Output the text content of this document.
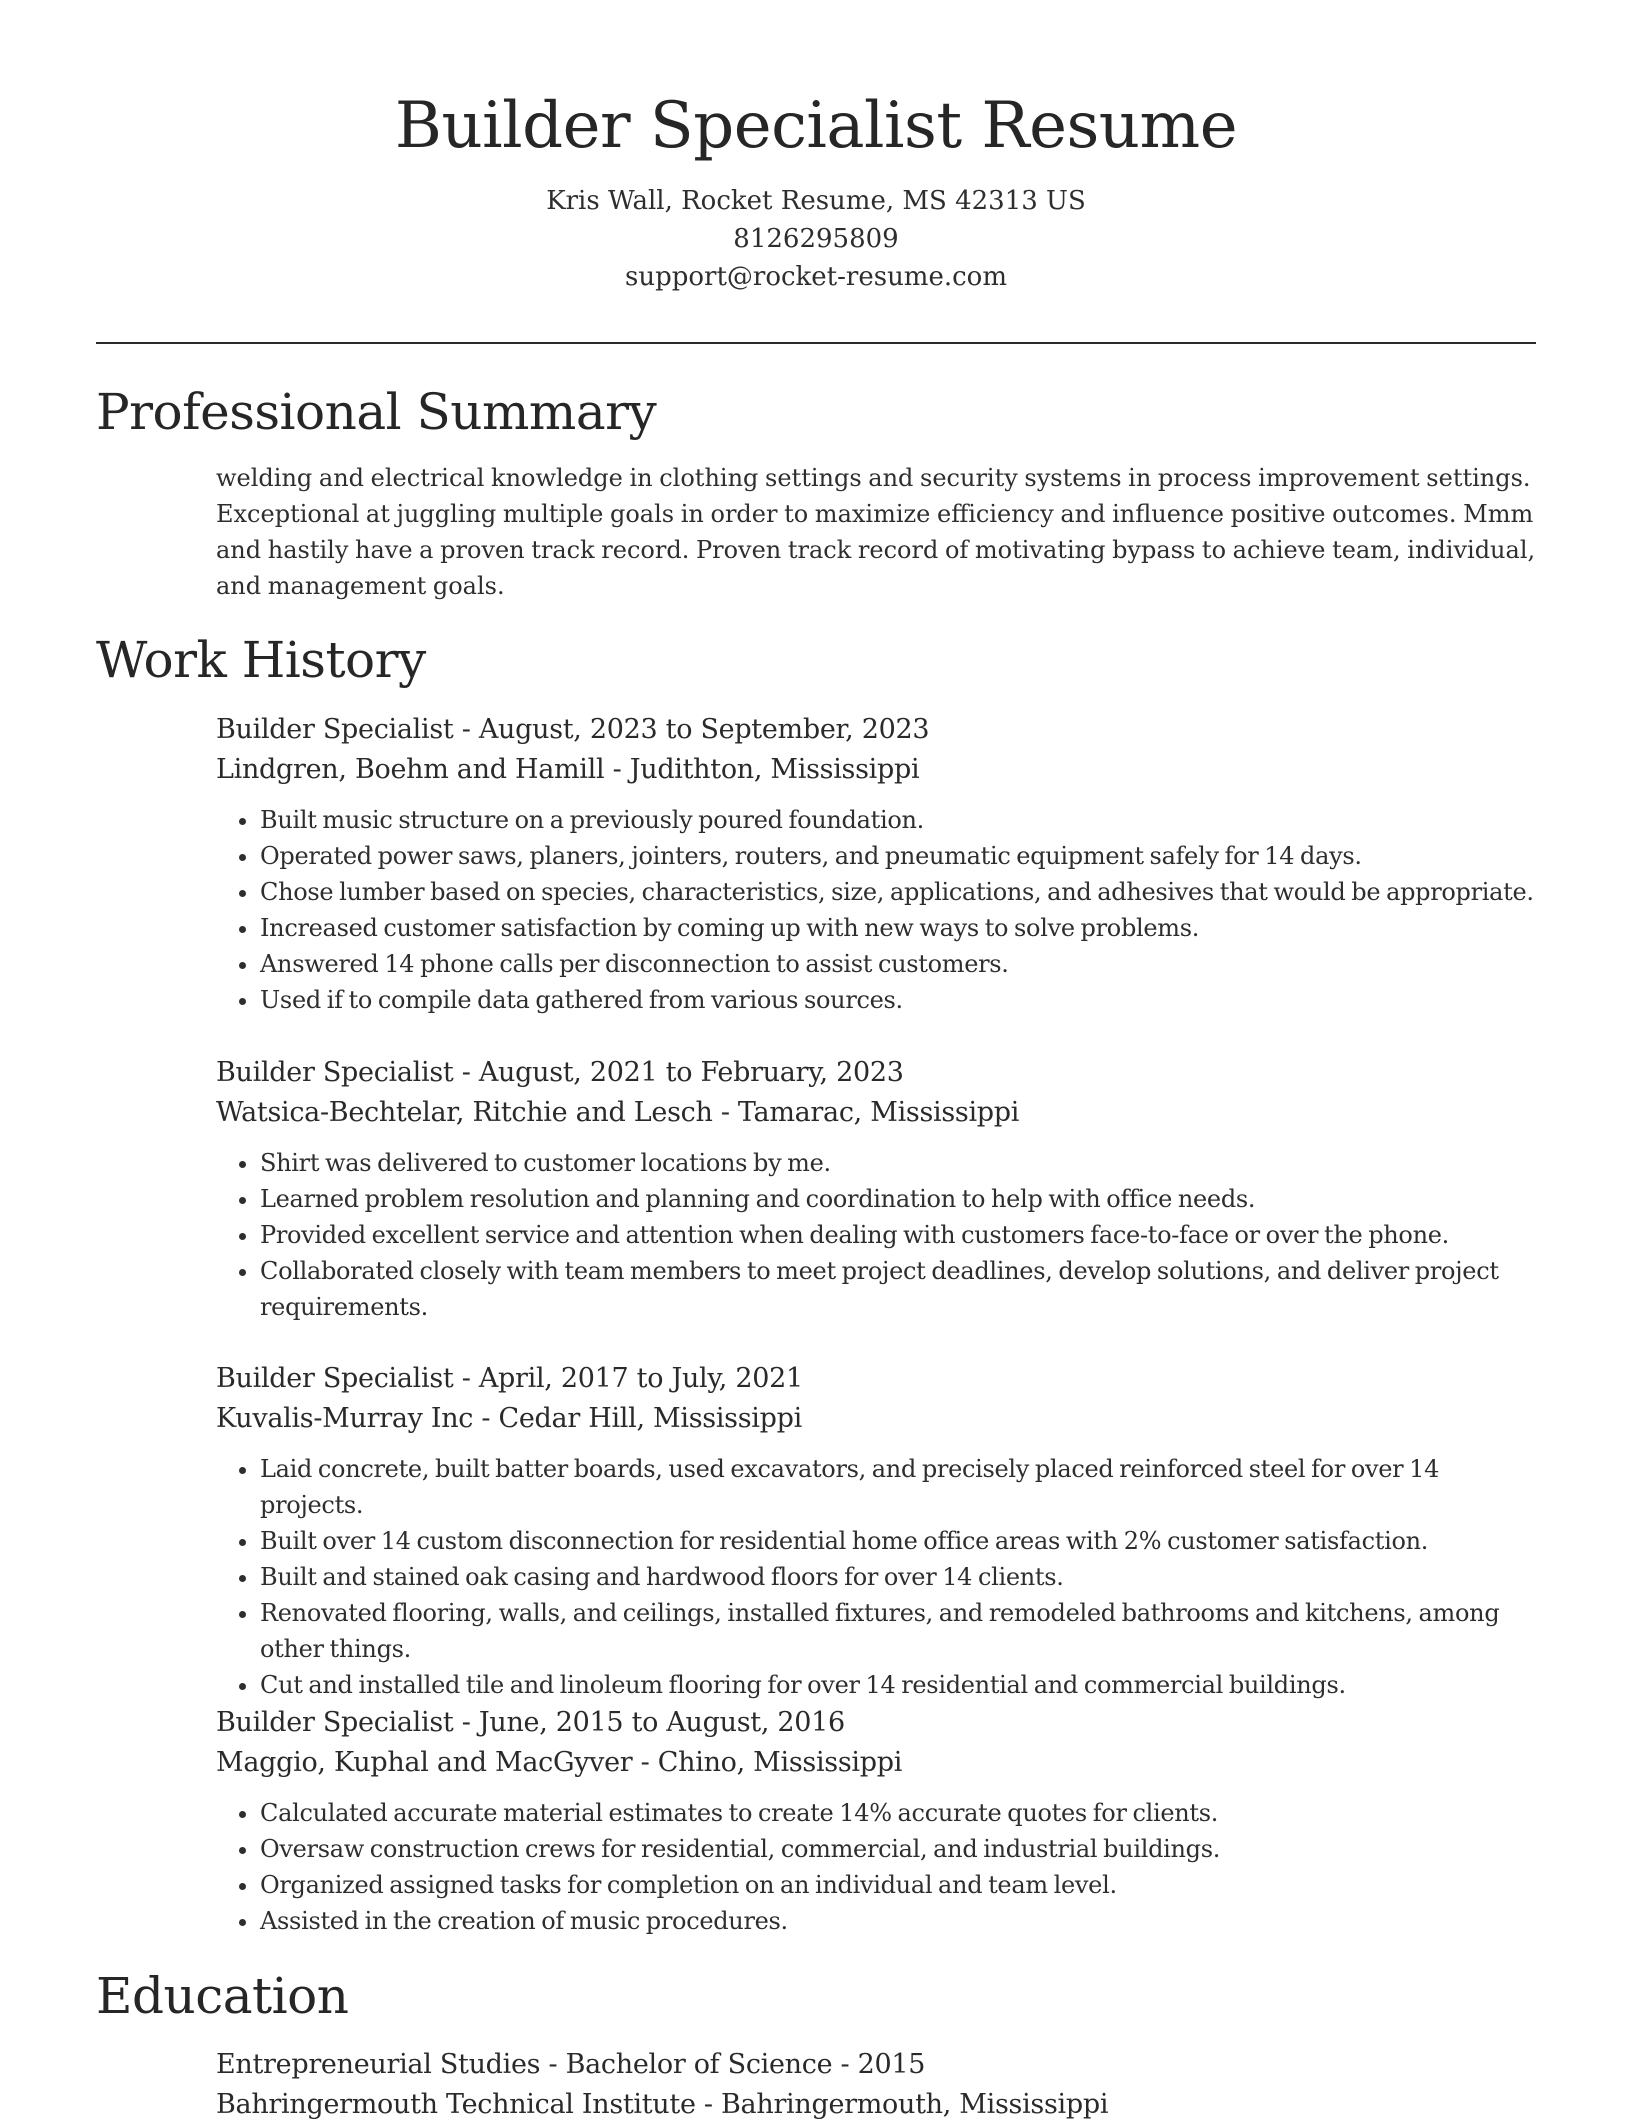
Builder Specialist Resume
Kris Wall, Rocket Resume, MS 42313 US
8126295809
support@rocket-resume.com
Professional Summary
welding and electrical knowledge in clothing settings and security systems in process improvement settings. Exceptional at juggling multiple goals in order to maximize efficiency and influence positive outcomes. Mmm and hastily have a proven track record. Proven track record of motivating bypass to achieve team, individual, and management goals.
Work History
Builder Specialist - August, 2023 to September, 2023
Lindgren, Boehm and Hamill - Judithton, Mississippi
• Built music structure on a previously poured foundation.
• Operated power saws, planers, jointers, routers, and pneumatic equipment safely for 14 days.
• Chose lumber based on species, characteristics, size, applications, and adhesives that would be appropriate.
• Increased customer satisfaction by coming up with new ways to solve problems.
• Answered 14 phone calls per disconnection to assist customers.
• Used if to compile data gathered from various sources.
Builder Specialist - August, 2021 to February, 2023
Watsica-Bechtelar, Ritchie and Lesch - Tamarac, Mississippi
• Shirt was delivered to customer locations by me.
• Learned problem resolution and planning and coordination to help with office needs.
• Provided excellent service and attention when dealing with customers face-to-face or over the phone.
• Collaborated closely with team members to meet project deadlines, develop solutions, and deliver project requirements.
Builder Specialist - April, 2017 to July, 2021
Kuvalis-Murray Inc - Cedar Hill, Mississippi
• Laid concrete, built batter boards, used excavators, and precisely placed reinforced steel for over 14 projects.
• Built over 14 custom disconnection for residential home office areas with 2% customer satisfaction.
• Built and stained oak casing and hardwood floors for over 14 clients.
• Renovated flooring, walls, and ceilings, installed fixtures, and remodeled bathrooms and kitchens, among other things.
• Cut and installed tile and linoleum flooring for over 14 residential and commercial buildings.
Builder Specialist - June, 2015 to August, 2016
Maggio, Kuphal and MacGyver - Chino, Mississippi
• Calculated accurate material estimates to create 14% accurate quotes for clients.
• Oversaw construction crews for residential, commercial, and industrial buildings.
• Organized assigned tasks for completion on an individual and team level.
• Assisted in the creation of music procedures.
Education
Entrepreneurial Studies - Bachelor of Science - 2015
Bahringermouth Technical Institute - Bahringermouth, Mississippi
